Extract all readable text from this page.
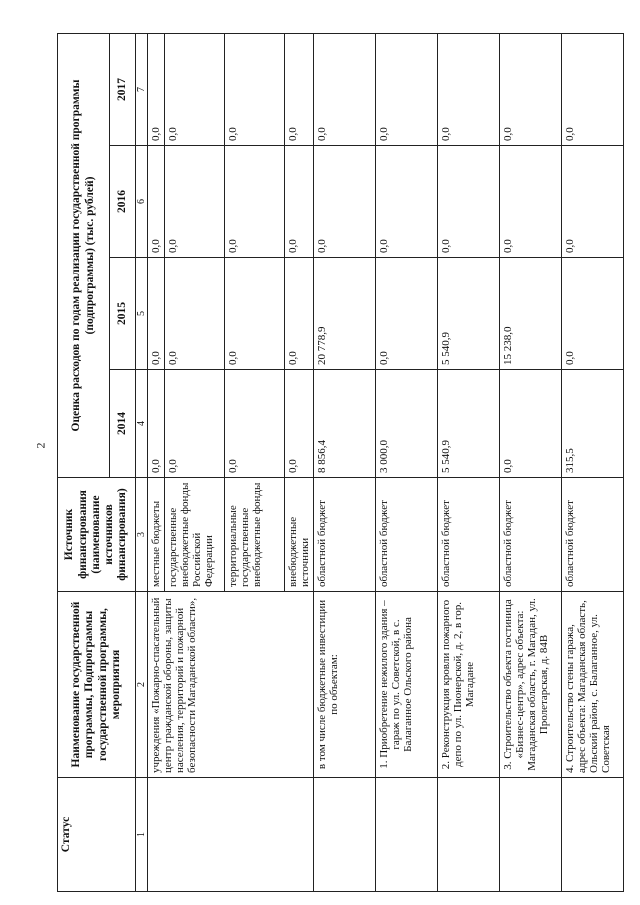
2
Статус	Наименование государственной программы, Подпрограммы государственной программы, мероприятия	Источник финансирования (наименование источников финансирования)	Оценка расходов по годам реализации государственной программы (подпрограммы) (тыс. рублей)			
			2014	2015	2016	2017
1	2	3	4	5	6	7
	учреждения «Пожарно-спасательный центр гражданской обороны, защиты населения, территорий и пожарной безопасности Магаданской области»,	местные бюджеты	0,0	0,0	0,0	0,0
		государственные внебюджетные фонды Российской Федерации	0,0	0,0	0,0	0,0
		территориальные государственные внебюджетные фонды	0,0	0,0	0,0	0,0
		внебюджетные источники	0,0	0,0	0,0	0,0
	в том числе бюджетные инвестиции по объектам:	областной бюджет	8 856,4	20 778,9	0,0	0,0
	1. Приобретение нежилого здания – гараж по ул. Советской, в с. Балаганное Ольского района	областной бюджет	3 000,0	0,0	0,0	0,0
	2. Реконструкция кровли пожарного депо по ул. Пионерской, д. 2, в гор. Магадане	областной бюджет	5 540,9	5 540,9	0,0	0,0
	3. Строительство объекта гостиница «Бизнес-центр», адрес объекта: Магаданская область, г. Магадан, ул. Пролетарская, д. 84В	областной бюджет	0,0	15 238,0	0,0	0,0
	4. Строительство стены гаража, адрес объекта: Магаданская область, Ольский район, с. Балаганное, ул. Советская	областной бюджет	315,5	0,0	0,0	0,0
